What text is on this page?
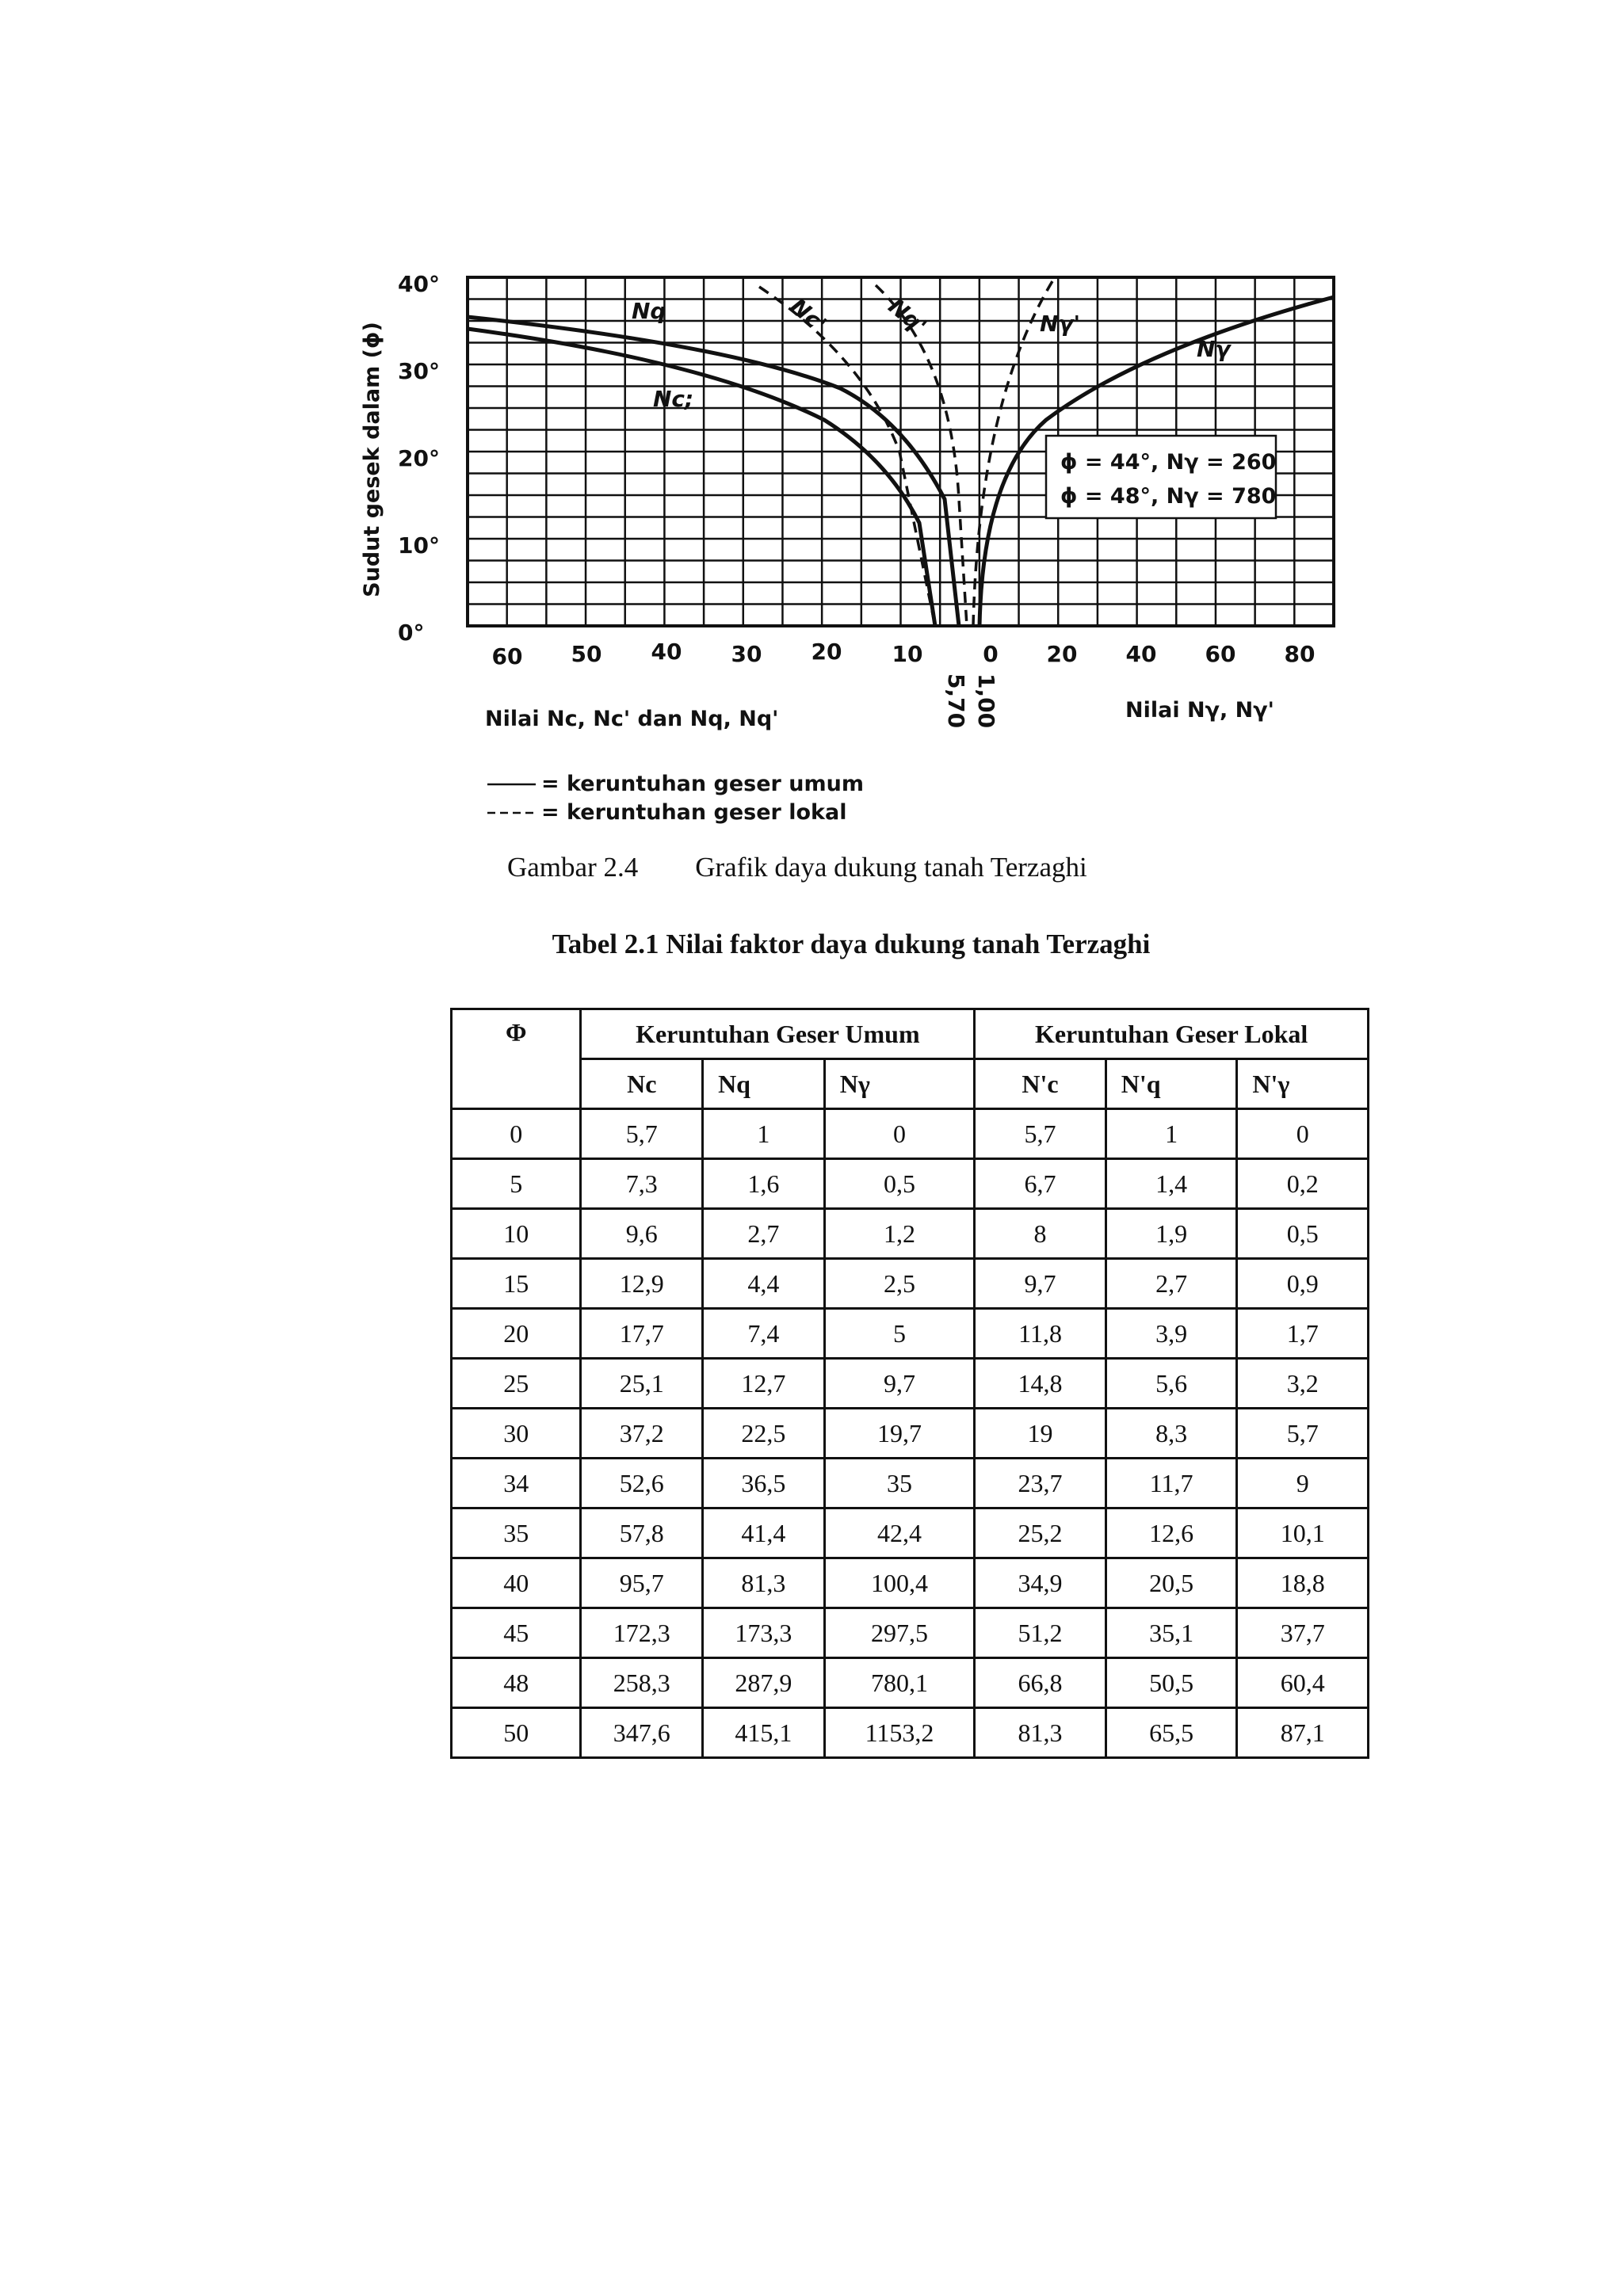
Sudut gesek dalam (ϕ)
0°
10°
20°
30°
40°
60 50 40 30 20 10	0 20 40 60 80
5,70 1,00
Nq	Nc' Nq'	Nγ'
Nγ
Nc;
ϕ = 44°, Nγ = 260
ϕ = 48°, Nγ = 780
Nilai Nc, Nc' dan Nq, Nq'	Nilai Nγ, Nγ'
= keruntuhan geser umum
= keruntuhan geser lokal
Gambar 2.4 Grafik daya dukung tanah Terzaghi
Tabel 2.1 Nilai faktor daya dukung tanah Terzaghi
Φ	Keruntuhan Geser Umum			Keruntuhan Geser Lokal		
	Nc	Nq	Nγ	N'c	N'q	N'γ
0	5,7	1	0	5,7	1	0
5	7,3	1,6	0,5	6,7	1,4	0,2
10	9,6	2,7	1,2	8	1,9	0,5
15	12,9	4,4	2,5	9,7	2,7	0,9
20	17,7	7,4	5	11,8	3,9	1,7
25	25,1	12,7	9,7	14,8	5,6	3,2
30	37,2	22,5	19,7	19	8,3	5,7
34	52,6	36,5	35	23,7	11,7	9
35	57,8	41,4	42,4	25,2	12,6	10,1
40	95,7	81,3	100,4	34,9	20,5	18,8
45	172,3	173,3	297,5	51,2	35,1	37,7
48	258,3	287,9	780,1	66,8	50,5	60,4
50	347,6	415,1	1153,2	81,3	65,5	87,1
